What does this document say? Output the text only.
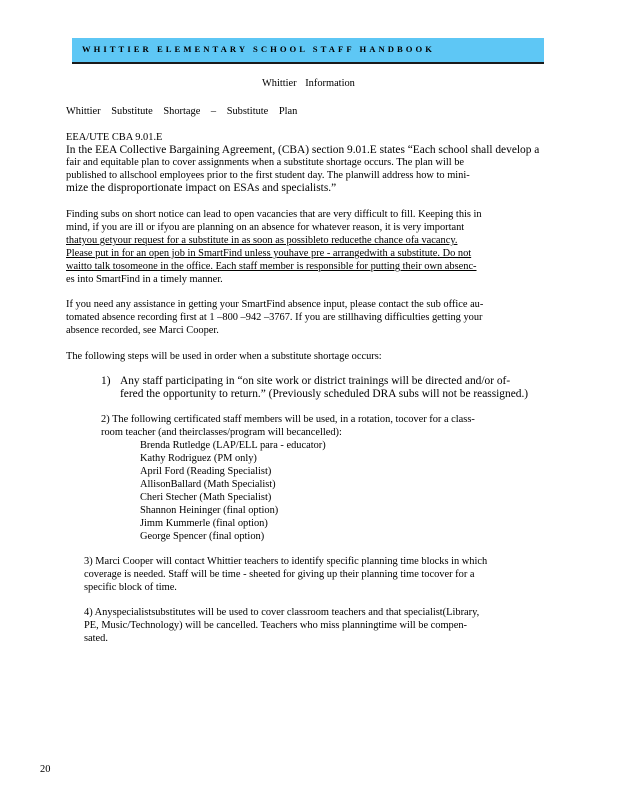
WHITTIER ELEMENTARY SCHOOL STAFF HANDBOOK
Whittier Information
Whittier Substitute Shortage – Substitute Plan
EEA/UTE CBA 9.01.E
In the EEA Collective Bargaining Agreement, (CBA) section 9.01.E states “Each school shall develop a
fair and equitable plan to cover assignments when a substitute shortage occurs. The plan will be
published to allschool employees prior to the first student day. The planwill address how to mini-
mize the disproportionate impact on ESAs and specialists.”
Finding subs on short notice can lead to open vacancies that are very difficult to fill. Keeping this in
mind, if you are ill or ifyou are planning on an absence for whatever reason, it is very important
thatyou getyour request for a substitute in as soon as possibleto reducethe chance ofa vacancy.
Please put in for an open job in SmartFind unless youhave pre - arrangedwith a substitute. Do not
waitto talk tosomeone in the office. Each staff member is responsible for putting their own absenc-
es into SmartFind in a timely manner.
If you need any assistance in getting your SmartFind absence input, please contact the sub office au-
tomated absence recording first at 1 –800 –942 –3767. If you are stillhaving difficulties getting your
absence recorded, see Marci Cooper.
The following steps will be used in order when a substitute shortage occurs:
1) Any staff participating in “on site work or district trainings will be directed and/or of-
fered the opportunity to return.” (Previously scheduled DRA subs will not be reassigned.)
2) The following certificated staff members will be used, in a rotation, tocover for a class-
room teacher (and theirclasses/program will becancelled):
Brenda Rutledge (LAP/ELL para - educator)
Kathy Rodriguez (PM only)
April Ford (Reading Specialist)
AllisonBallard (Math Specialist)
Cheri Stecher (Math Specialist)
Shannon Heininger (final option)
Jimm Kummerle (final option)
George Spencer (final option)
3) Marci Cooper will contact Whittier teachers to identify specific planning time blocks in which
coverage is needed. Staff will be time - sheeted for giving up their planning time tocover for a
specific block of time.
4) Anyspecialistsubstitutes will be used to cover classroom teachers and that specialist(Library,
PE, Music/Technology) will be cancelled. Teachers who miss planningtime will be compen-
sated.
20
